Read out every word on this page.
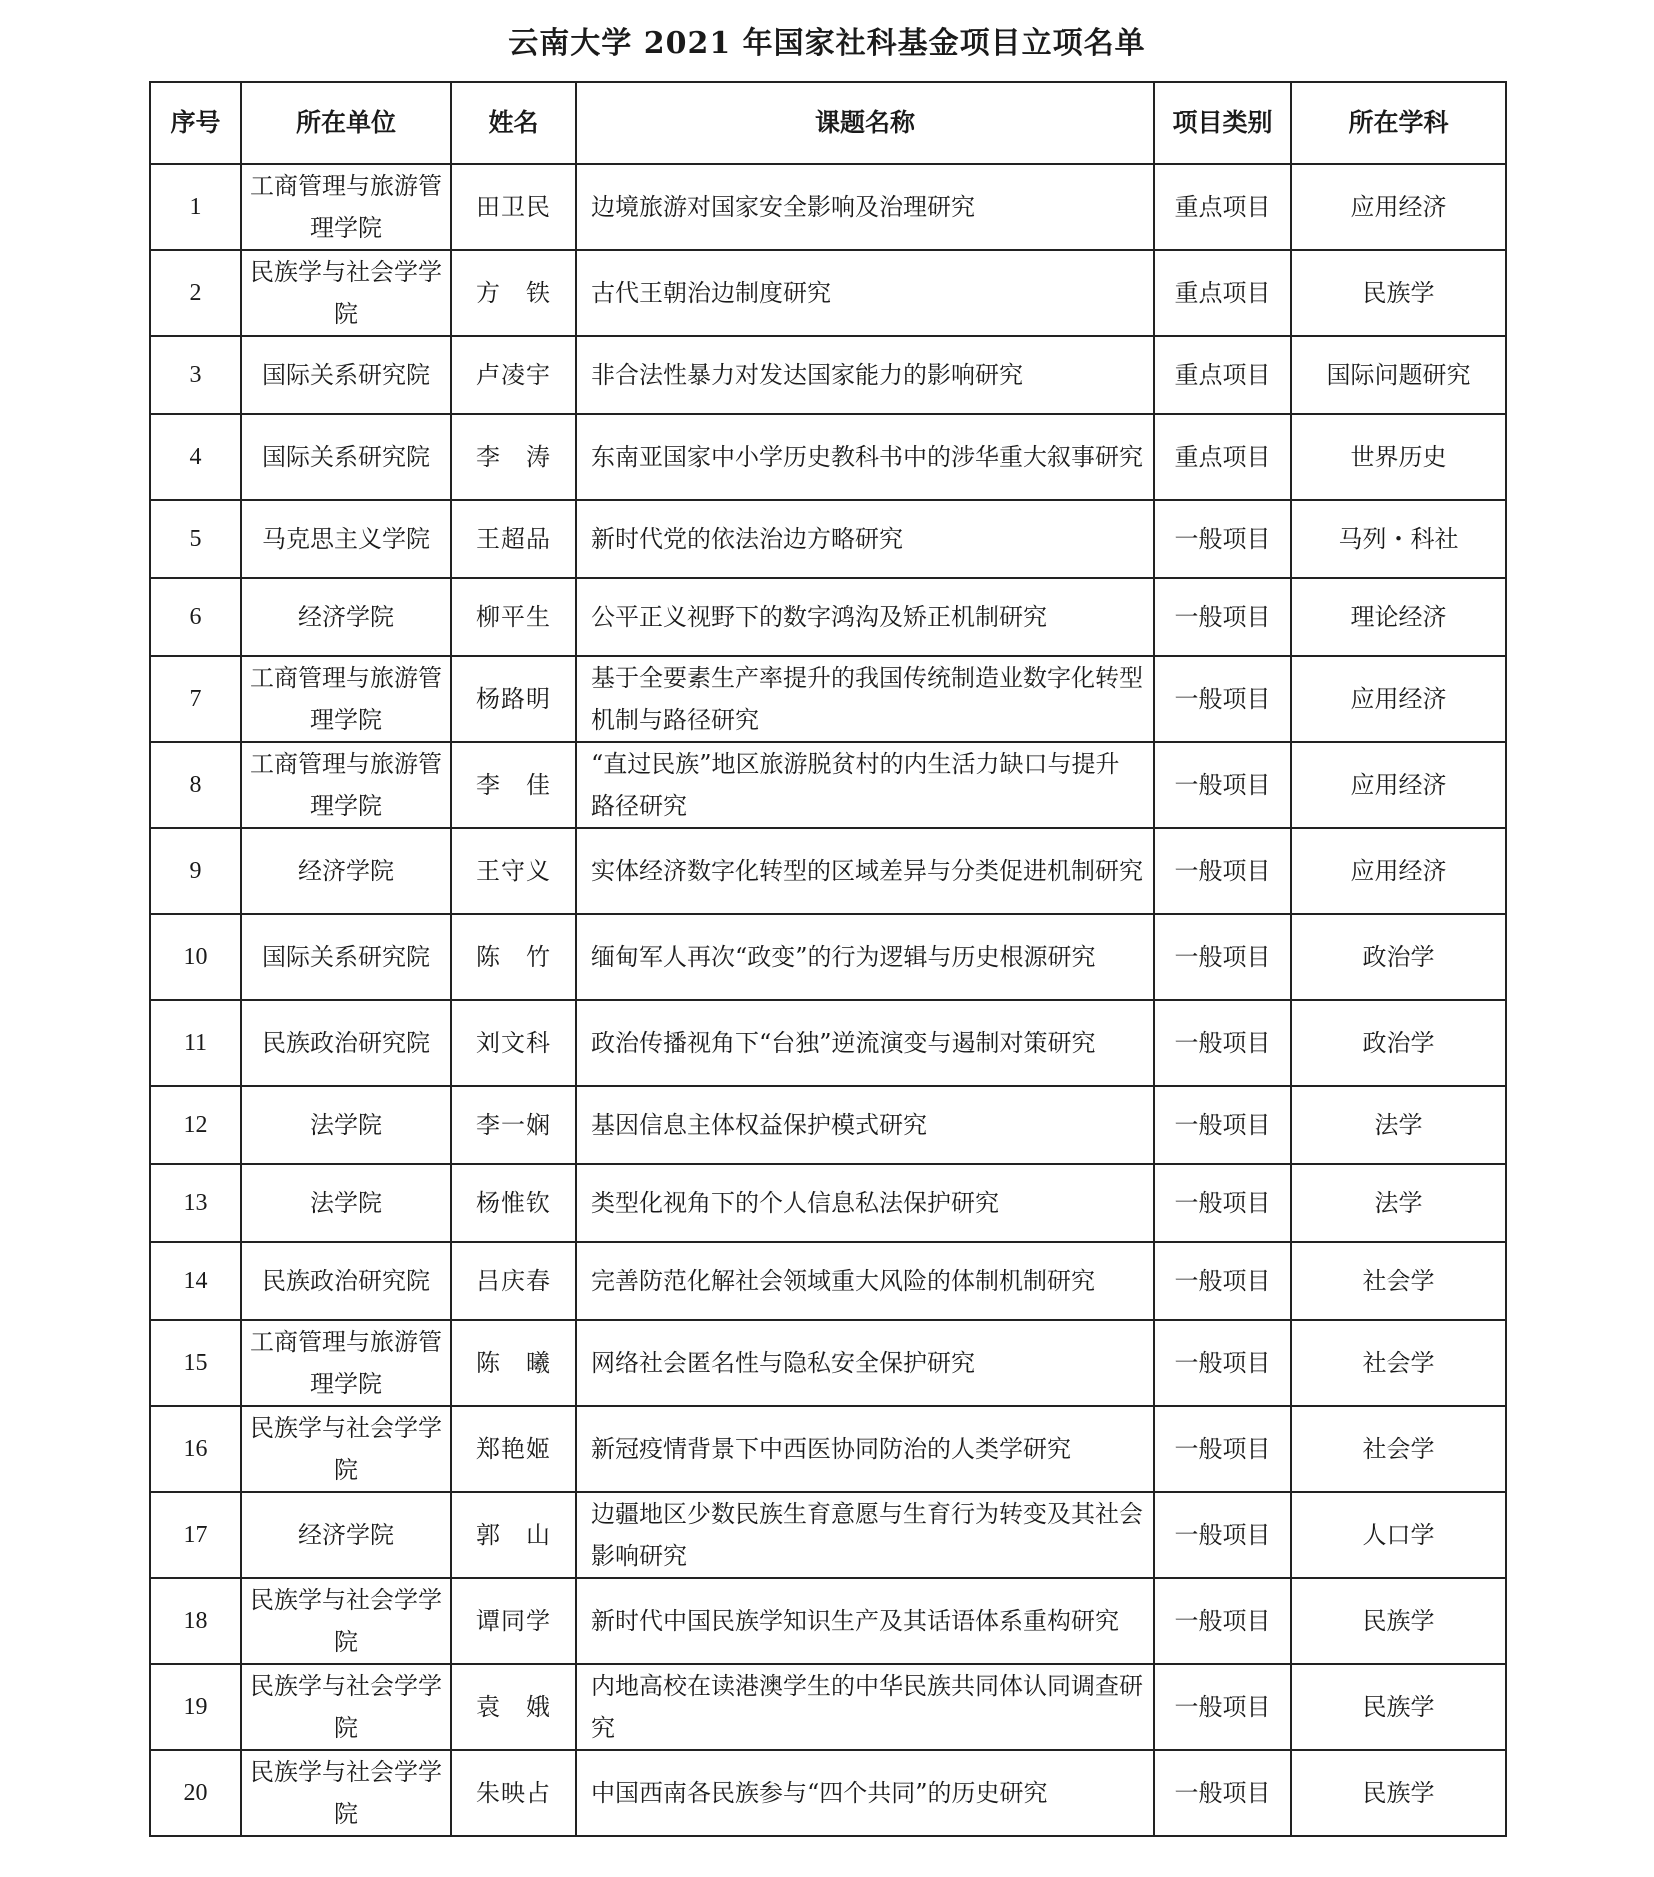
云南大学 2021 年国家社科基金项目立项名单
序号	所在单位	姓名	课题名称	项目类别	所在学科
1	工商管理与旅游管理学院	田卫民	边境旅游对国家安全影响及治理研究	重点项目	应用经济
2	民族学与社会学学院	方　铁	古代王朝治边制度研究	重点项目	民族学
3	国际关系研究院	卢凌宇	非合法性暴力对发达国家能力的影响研究	重点项目	国际问题研究
4	国际关系研究院	李　涛	东南亚国家中小学历史教科书中的涉华重大叙事研究	重点项目	世界历史
5	马克思主义学院	王超品	新时代党的依法治边方略研究	一般项目	马列・科社
6	经济学院	柳平生	公平正义视野下的数字鸿沟及矫正机制研究	一般项目	理论经济
7	工商管理与旅游管理学院	杨路明	基于全要素生产率提升的我国传统制造业数字化转型机制与路径研究	一般项目	应用经济
8	工商管理与旅游管理学院	李　佳	“直过民族”地区旅游脱贫村的内生活力缺口与提升路径研究	一般项目	应用经济
9	经济学院	王守义	实体经济数字化转型的区域差异与分类促进机制研究	一般项目	应用经济
10	国际关系研究院	陈　竹	缅甸军人再次“政变”的行为逻辑与历史根源研究	一般项目	政治学
11	民族政治研究院	刘文科	政治传播视角下“台独”逆流演变与遏制对策研究	一般项目	政治学
12	法学院	李一娴	基因信息主体权益保护模式研究	一般项目	法学
13	法学院	杨惟钦	类型化视角下的个人信息私法保护研究	一般项目	法学
14	民族政治研究院	吕庆春	完善防范化解社会领域重大风险的体制机制研究	一般项目	社会学
15	工商管理与旅游管理学院	陈　曦	网络社会匿名性与隐私安全保护研究	一般项目	社会学
16	民族学与社会学学院	郑艳姬	新冠疫情背景下中西医协同防治的人类学研究	一般项目	社会学
17	经济学院	郭　山	边疆地区少数民族生育意愿与生育行为转变及其社会影响研究	一般项目	人口学
18	民族学与社会学学院	谭同学	新时代中国民族学知识生产及其话语体系重构研究	一般项目	民族学
19	民族学与社会学学院	袁　娥	内地高校在读港澳学生的中华民族共同体认同调查研究	一般项目	民族学
20	民族学与社会学学院	朱映占	中国西南各民族参与“四个共同”的历史研究	一般项目	民族学
